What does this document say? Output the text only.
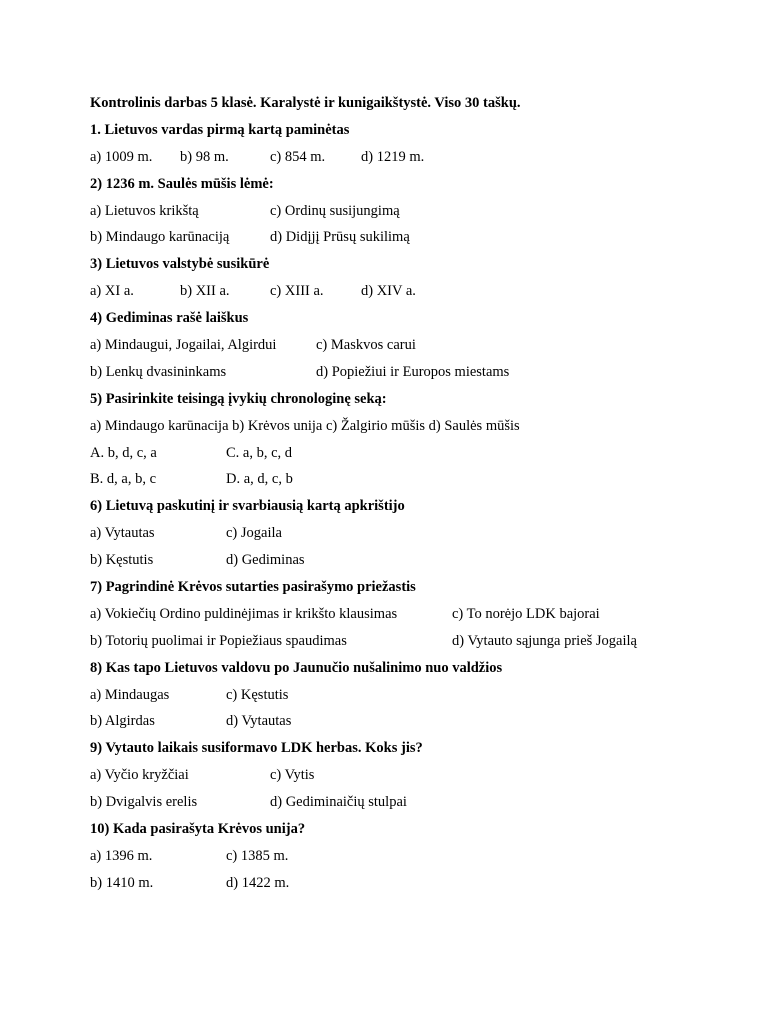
Kontrolinis darbas 5 klasė. Karalystė ir kunigaikštystė. Viso 30 taškų.
1. Lietuvos vardas pirmą kartą paminėtas
a) 1009 m. b) 98 m.	c) 854 m. d) 1219 m.
2) 1236 m. Saulės mūšis lėmė:
a) Lietuvos krikštą	c) Ordinų susijungimą
b) Mindaugo karūnaciją	d) Didįjį Prūsų sukilimą
3) Lietuvos valstybė susikūrė
a) XI a.	b) XII a.	c) XIII a.	d) XIV a.
4) Gediminas rašė laiškus
a) Mindaugui, Jogailai, Algirdui	c) Maskvos carui
b) Lenkų dvasininkams	d) Popiežiui ir Europos miestams
5) Pasirinkite teisingą įvykių chronologinę seką:
a) Mindaugo karūnacija b) Krėvos unija c) Žalgirio mūšis d) Saulės mūšis
A. b, d, c, a	C. a, b, c, d
B. d, a, b, c	D. a, d, c, b
6) Lietuvą paskutinį ir svarbiausią kartą apkrištijo
a) Vytautas	c) Jogaila
b) Kęstutis	d) Gediminas
7) Pagrindinė Krėvos sutarties pasirašymo priežastis
a) Vokiečių Ordino puldinėjimas ir krikšto klausimas	c) To norėjo LDK bajorai
b) Totorių puolimai ir Popiežiaus spaudimas	d) Vytauto sąjunga prieš Jogailą
8) Kas tapo Lietuvos valdovu po Jaunučio nušalinimo nuo valdžios
a) Mindaugas	c) Kęstutis
b) Algirdas	d) Vytautas
9) Vytauto laikais susiformavo LDK herbas. Koks jis?
a) Vyčio kryžčiai	c) Vytis
b) Dvigalvis erelis	d) Gediminaičių stulpai
10) Kada pasirašyta Krėvos unija?
a) 1396 m.	c) 1385 m.
b) 1410 m.	d) 1422 m.
